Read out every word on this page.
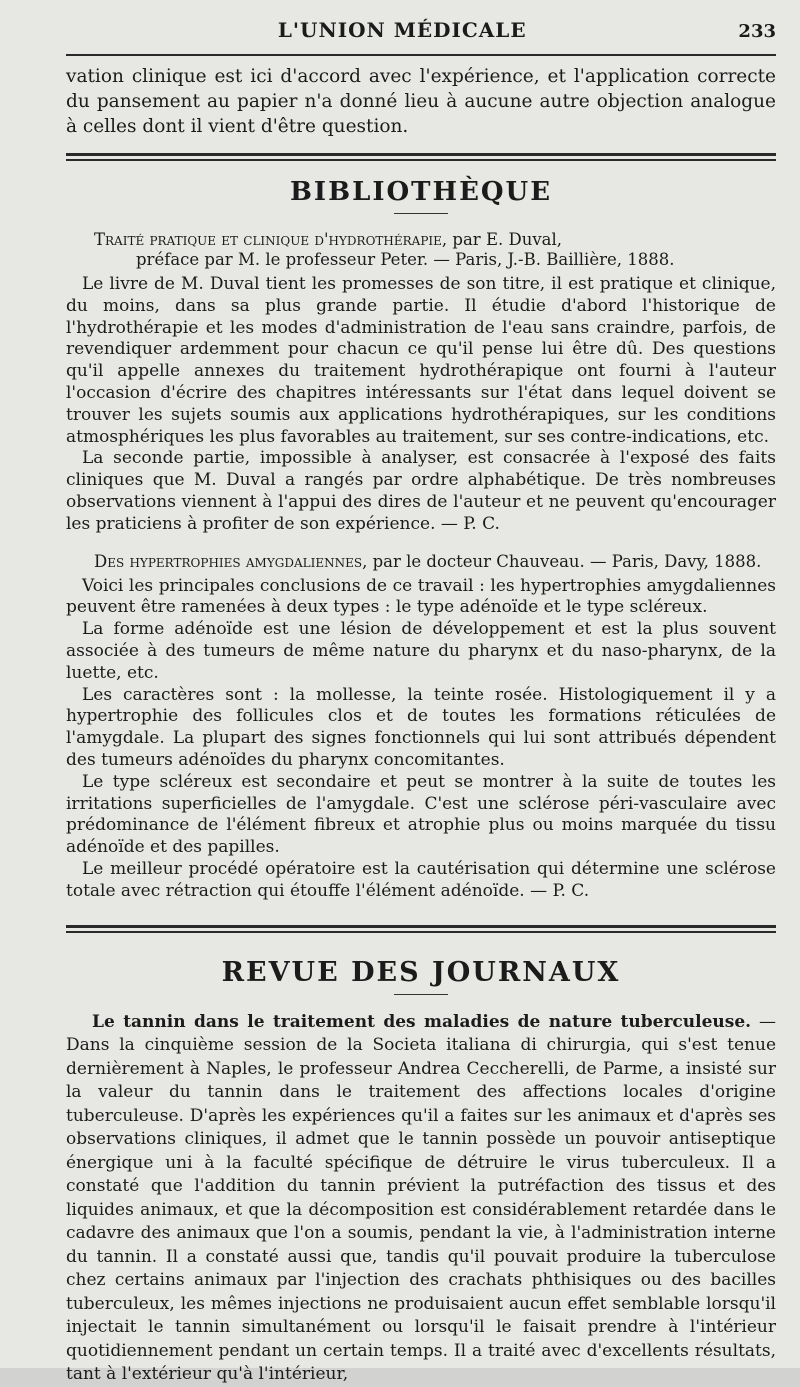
L'UNION MÉDICALE	233

vation clinique est ici d'accord avec l'expérience, et l'application correcte du pansement au papier n'a donné lieu à aucune autre objection analogue à celles dont il vient d'être question.

BIBLIOTHÈQUE

Traité pratique et clinique d'hydrothérapie, par E. Duval,
préface par M. le professeur Peter. — Paris, J.-B. Baillière, 1888.

Le livre de M. Duval tient les promesses de son titre, il est pratique et clinique, du moins, dans sa plus grande partie. Il étudie d'abord l'historique de l'hydrothérapie et les modes d'administration de l'eau sans craindre, parfois, de revendiquer ardemment pour chacun ce qu'il pense lui être dû. Des questions qu'il appelle annexes du traitement hydrothérapique ont fourni à l'auteur l'occasion d'écrire des chapitres intéressants sur l'état dans lequel doivent se trouver les sujets soumis aux applications hydrothérapiques, sur les conditions atmosphériques les plus favorables au traitement, sur ses contre-indications, etc.

La seconde partie, impossible à analyser, est consacrée à l'exposé des faits cliniques que M. Duval a rangés par ordre alphabétique. De très nombreuses observations viennent à l'appui des dires de l'auteur et ne peuvent qu'encourager les praticiens à profiter de son expérience. — P. C.

Des hypertrophies amygdaliennes, par le docteur Chauveau. — Paris, Davy, 1888.

Voici les principales conclusions de ce travail : les hypertrophies amygdaliennes peuvent être ramenées à deux types : le type adénoïde et le type scléreux.

La forme adénoïde est une lésion de développement et est la plus souvent associée à des tumeurs de même nature du pharynx et du naso-pharynx, de la luette, etc.

Les caractères sont : la mollesse, la teinte rosée. Histologiquement il y a hypertrophie des follicules clos et de toutes les formations réticulées de l'amygdale. La plupart des signes fonctionnels qui lui sont attribués dépendent des tumeurs adénoïdes du pharynx concomitantes.

Le type scléreux est secondaire et peut se montrer à la suite de toutes les irritations superficielles de l'amygdale. C'est une sclérose péri-vasculaire avec prédominance de l'élément fibreux et atrophie plus ou moins marquée du tissu adénoïde et des papilles.

Le meilleur procédé opératoire est la cautérisation qui détermine une sclérose totale avec rétraction qui étouffe l'élément adénoïde. — P. C.

REVUE DES JOURNAUX

Le tannin dans le traitement des maladies de nature tuberculeuse. — Dans la cinquième session de la Societa italiana di chirurgia, qui s'est tenue dernièrement à Naples, le professeur Andrea Ceccherelli, de Parme, a insisté sur la valeur du tannin dans le traitement des affections locales d'origine tuberculeuse. D'après les expériences qu'il a faites sur les animaux et d'après ses observations cliniques, il admet que le tannin possède un pouvoir antiseptique énergique uni à la faculté spécifique de détruire le virus tuberculeux. Il a constaté que l'addition du tannin prévient la putréfaction des tissus et des liquides animaux, et que la décomposition est considérablement retardée dans le cadavre des animaux que l'on a soumis, pendant la vie, à l'administration interne du tannin. Il a constaté aussi que, tandis qu'il pouvait produire la tuberculose chez certains animaux par l'injection des crachats phthisiques ou des bacilles tuberculeux, les mêmes injections ne produisaient aucun effet semblable lorsqu'il injectait le tannin simultanément ou lorsqu'il le faisait prendre à l'intérieur quotidiennement pendant un certain temps. Il a traité avec d'excellents résultats, tant à l'extérieur qu'à l'intérieur,
